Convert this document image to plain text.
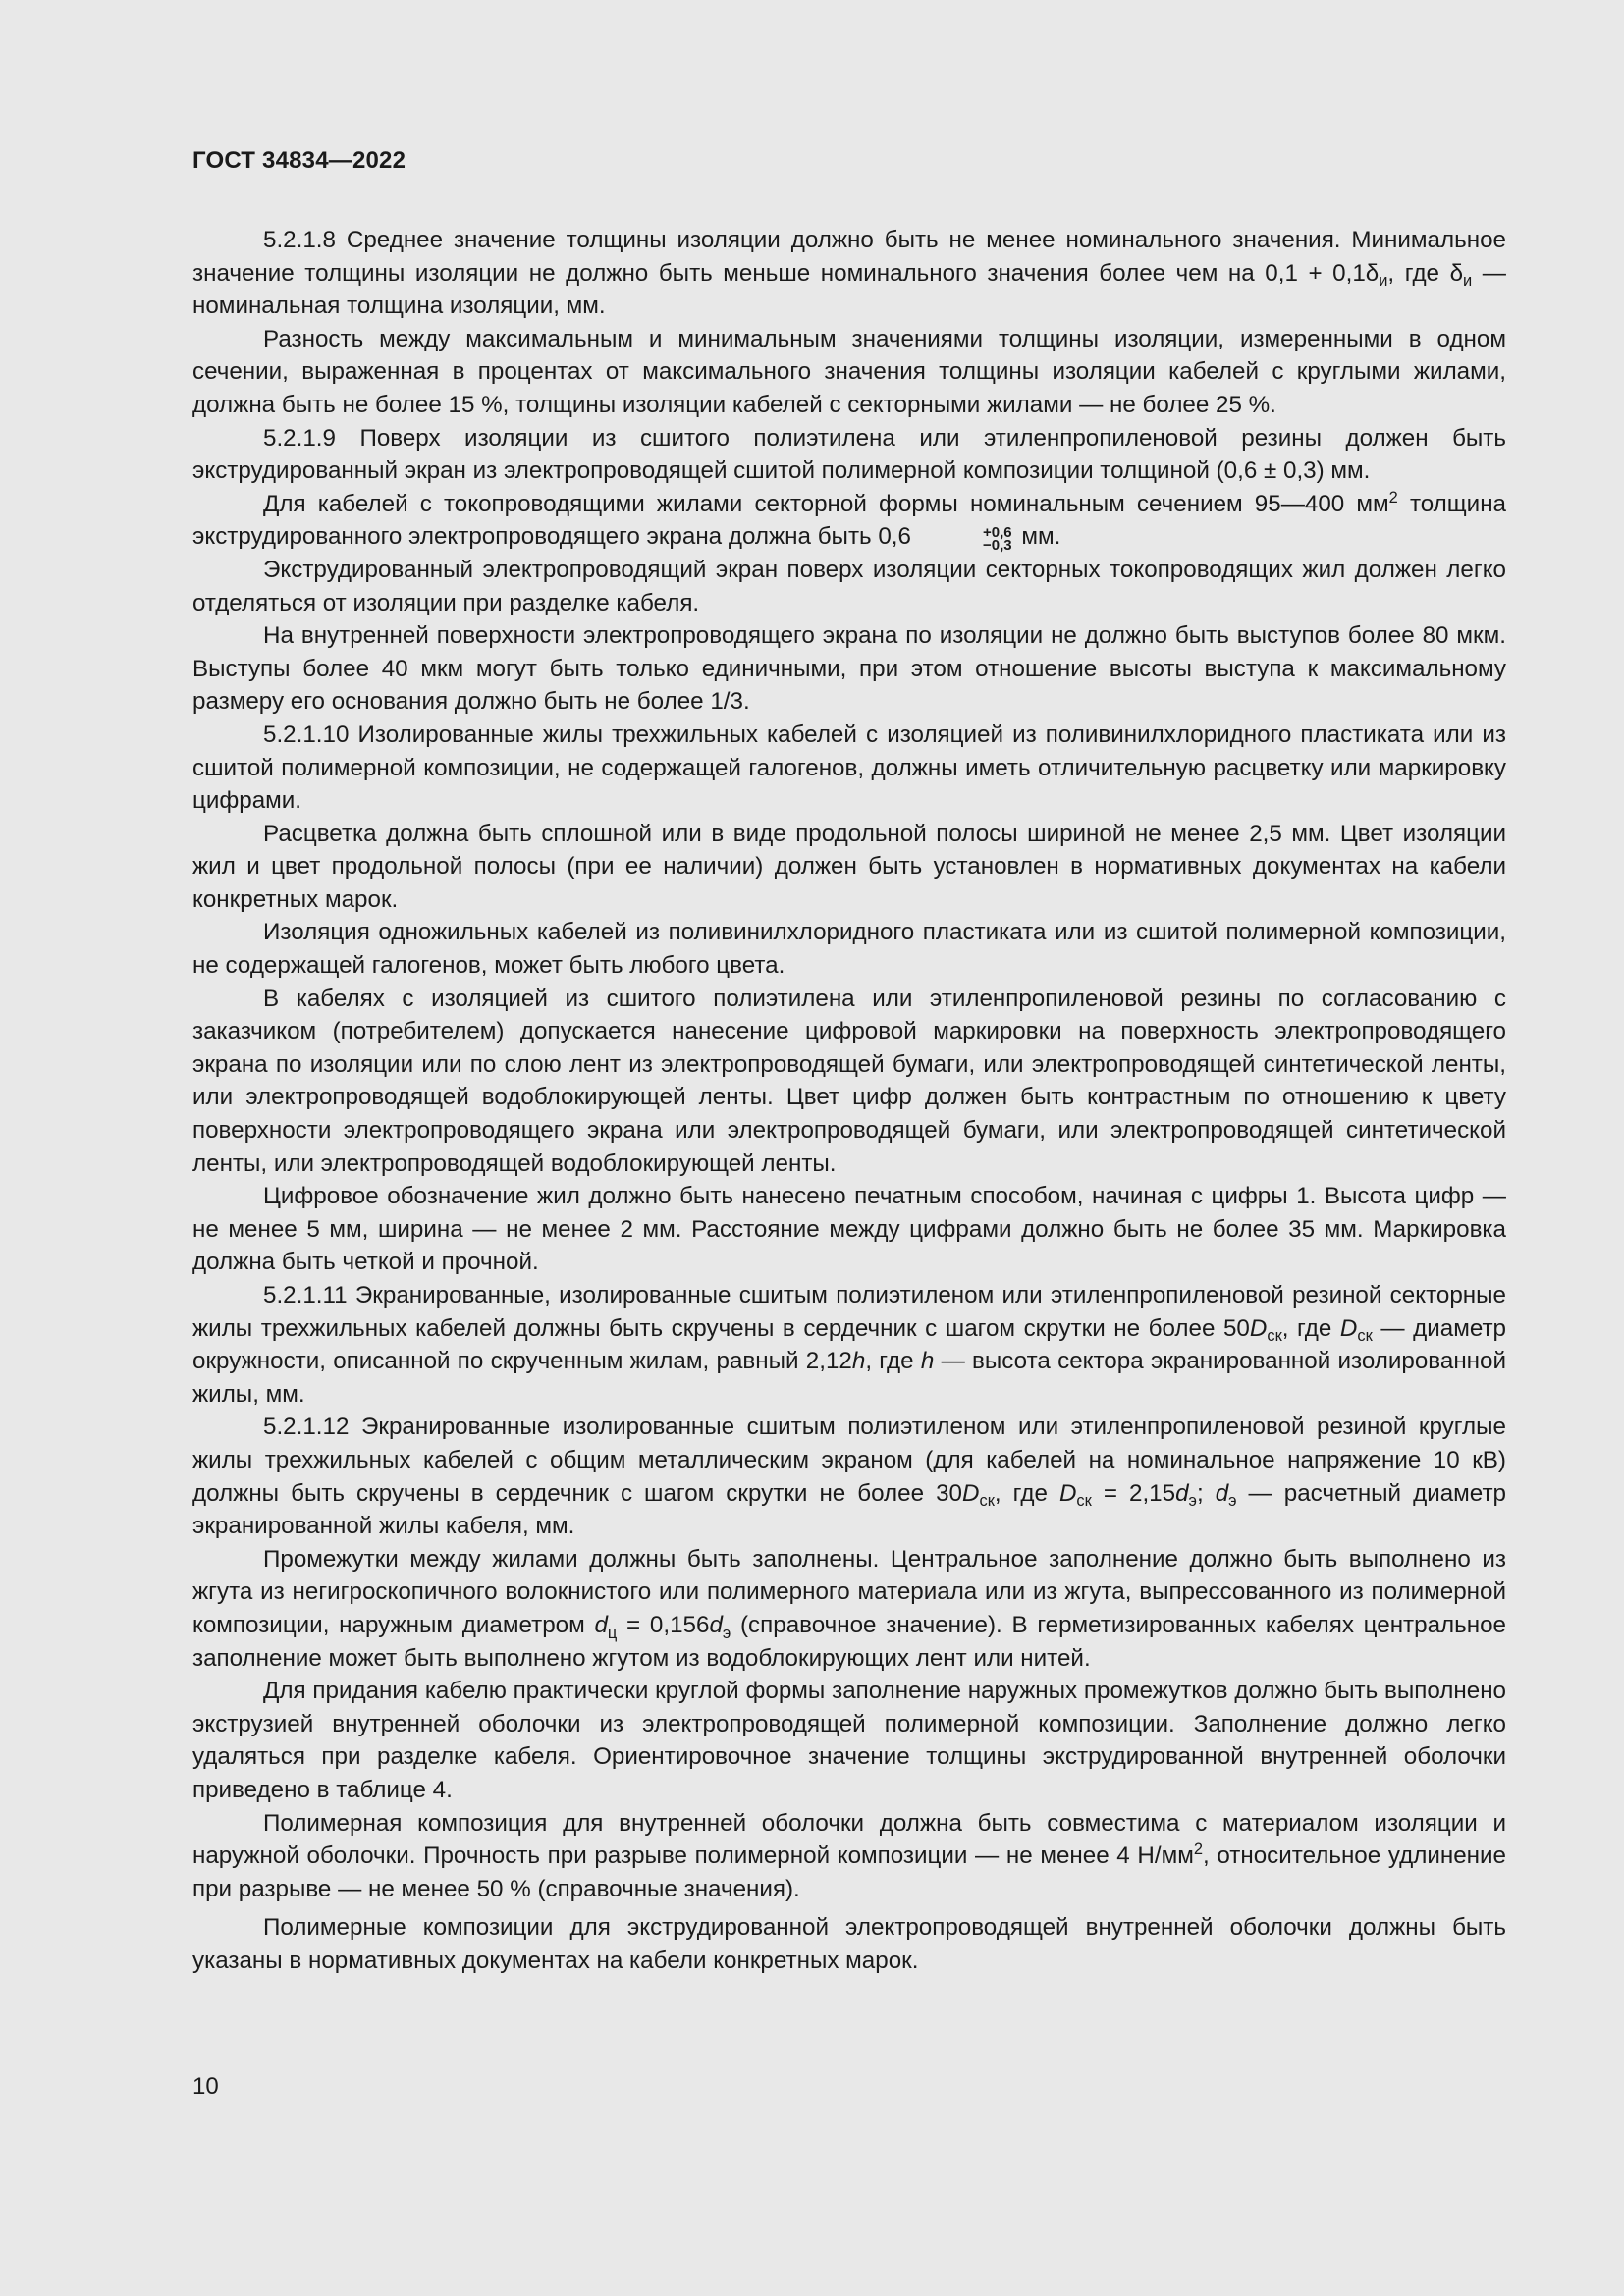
ГОСТ 34834—2022

5.2.1.8 Среднее значение толщины изоляции должно быть не менее номинального значения. Минимальное значение толщины изоляции не должно быть меньше номинального значения более чем на $0,1 + 0,1\delta_и$, где $\delta_и$ — номинальная толщина изоляции, мм.

Разность между максимальным и минимальным значениями толщины изоляции, измеренными в одном сечении, выраженная в процентах от максимального значения толщины изоляции кабелей с круглыми жилами, должна быть не более 15 %, толщины изоляции кабелей с секторными жилами — не более 25 %.

5.2.1.9 Поверх изоляции из сшитого полиэтилена или этиленпропиленовой резины должен быть экструдированный экран из электропроводящей сшитой полимерной композиции толщиной (0,6 ± 0,3) мм.

Для кабелей с токопроводящими жилами секторной формы номинальным сечением 95—400 $мм^2$ толщина экструдированного электропроводящего экрана должна быть 0,6	+0,6
−0,3 мм.

Экструдированный электропроводящий экран поверх изоляции секторных токопроводящих жил должен легко отделяться от изоляции при разделке кабеля.

На внутренней поверхности электропроводящего экрана по изоляции не должно быть выступов более 80 мкм. Выступы более 40 мкм могут быть только единичными, при этом отношение высоты выступа к максимальному размеру его основания должно быть не более 1/3.

5.2.1.10 Изолированные жилы трехжильных кабелей с изоляцией из поливинилхлоридного пластиката или из сшитой полимерной композиции, не содержащей галогенов, должны иметь отличительную расцветку или маркировку цифрами.

Расцветка должна быть сплошной или в виде продольной полосы шириной не менее 2,5 мм. Цвет изоляции жил и цвет продольной полосы (при ее наличии) должен быть установлен в нормативных документах на кабели конкретных марок.

Изоляция одножильных кабелей из поливинилхлоридного пластиката или из сшитой полимерной композиции, не содержащей галогенов, может быть любого цвета.

В кабелях с изоляцией из сшитого полиэтилена или этиленпропиленовой резины по согласованию с заказчиком (потребителем) допускается нанесение цифровой маркировки на поверхность электропроводящего экрана по изоляции или по слою лент из электропроводящей бумаги, или электропроводящей синтетической ленты, или электропроводящей водоблокирующей ленты. Цвет цифр должен быть контрастным по отношению к цвету поверхности электропроводящего экрана или электропроводящей бумаги, или электропроводящей синтетической ленты, или электропроводящей водоблокирующей ленты.

Цифровое обозначение жил должно быть нанесено печатным способом, начиная с цифры 1. Высота цифр — не менее 5 мм, ширина — не менее 2 мм. Расстояние между цифрами должно быть не более 35 мм. Маркировка должна быть четкой и прочной.

5.2.1.11 Экранированные, изолированные сшитым полиэтиленом или этиленпропиленовой резиной секторные жилы трехжильных кабелей должны быть скручены в сердечник с шагом скрутки не более $50D_{ск}$, где $D_{ск}$ — диаметр окружности, описанной по скрученным жилам, равный 2,12h, где h — высота сектора экранированной изолированной жилы, мм.

5.2.1.12 Экранированные изолированные сшитым полиэтиленом или этиленпропиленовой резиной круглые жилы трехжильных кабелей с общим металлическим экраном (для кабелей на номинальное напряжение 10 кВ) должны быть скручены в сердечник с шагом скрутки не более $30D_{ск}$, где $D_{ск} = 2,15d_э$; $d_э$ — расчетный диаметр экранированной жилы кабеля, мм.

Промежутки между жилами должны быть заполнены. Центральное заполнение должно быть выполнено из жгута из негигроскопичного волокнистого или полимерного материала или из жгута, выпрессованного из полимерной композиции, наружным диаметром $d_ц = 0,156d_э$ (справочное значение). В герметизированных кабелях центральное заполнение может быть выполнено жгутом из водоблокирующих лент или нитей.

Для придания кабелю практически круглой формы заполнение наружных промежутков должно быть выполнено экструзией внутренней оболочки из электропроводящей полимерной композиции. Заполнение должно легко удаляться при разделке кабеля. Ориентировочное значение толщины экструдированной внутренней оболочки приведено в таблице 4.

Полимерная композиция для внутренней оболочки должна быть совместима с материалом изоляции и наружной оболочки. Прочность при разрыве полимерной композиции — не менее 4 $Н/мм^2$, относительное удлинение при разрыве — не менее 50 % (справочные значения).

Полимерные композиции для экструдированной электропроводящей внутренней оболочки должны быть указаны в нормативных документах на кабели конкретных марок.

10
